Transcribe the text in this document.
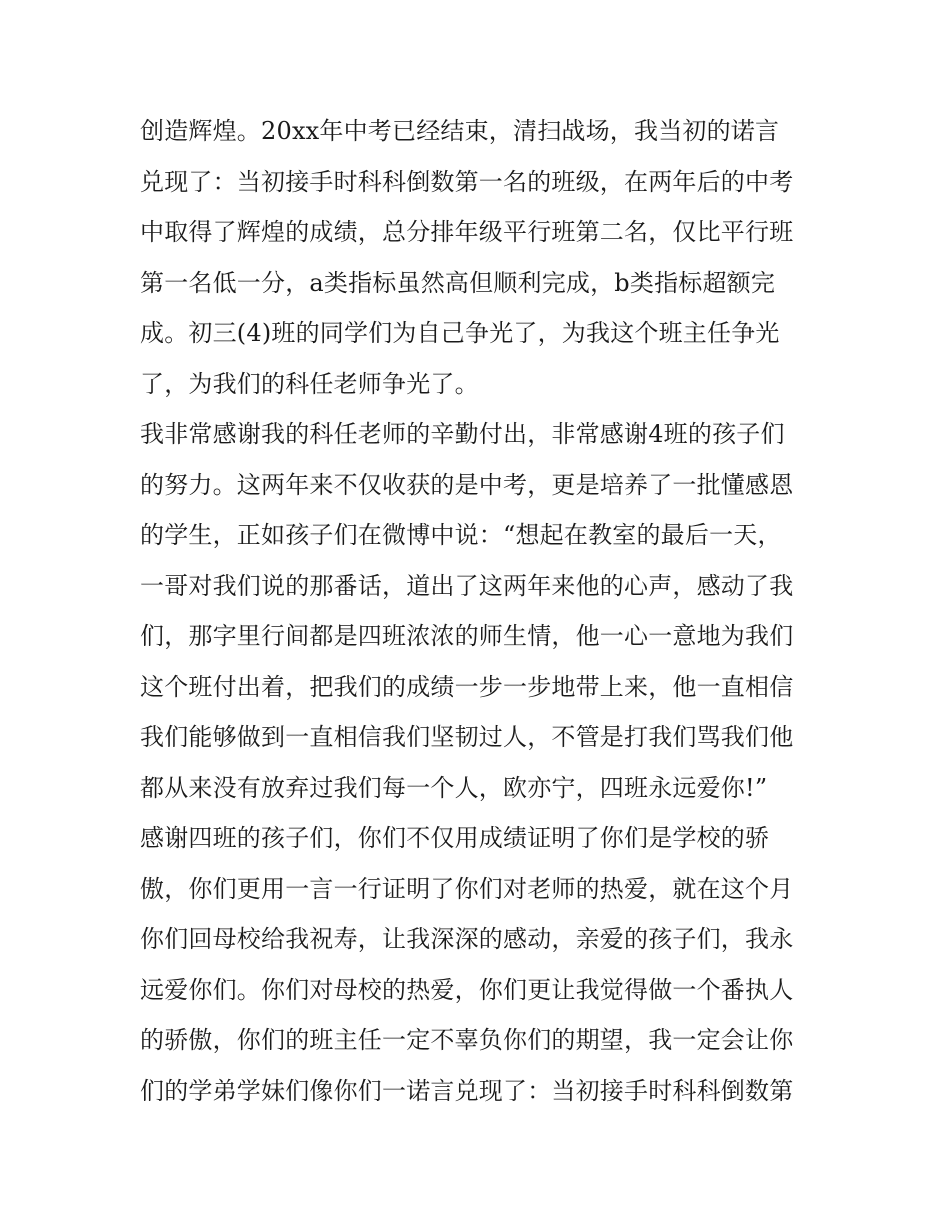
创造辉煌。20xx年中考已经结束，清扫战场，我当初的诺言
兑现了：当初接手时科科倒数第一名的班级，在两年后的中考
中取得了辉煌的成绩，总分排年级平行班第二名，仅比平行班
第一名低一分，a类指标虽然高但顺利完成，b类指标超额完
成。初三(4)班的同学们为自己争光了，为我这个班主任争光
了，为我们的科任老师争光了。
我非常感谢我的科任老师的辛勤付出，非常感谢4班的孩子们
的努力。这两年来不仅收获的是中考，更是培养了一批懂感恩
的学生，正如孩子们在微博中说：“想起在教室的最后一天，
一哥对我们说的那番话，道出了这两年来他的心声，感动了我
们，那字里行间都是四班浓浓的师生情，他一心一意地为我们
这个班付出着，把我们的成绩一步一步地带上来，他一直相信
我们能够做到一直相信我们坚韧过人，不管是打我们骂我们他
都从来没有放弃过我们每一个人，欧亦宁，四班永远爱你!”
感谢四班的孩子们，你们不仅用成绩证明了你们是学校的骄
傲，你们更用一言一行证明了你们对老师的热爱，就在这个月
你们回母校给我祝寿，让我深深的感动，亲爱的孩子们，我永
远爱你们。你们对母校的热爱，你们更让我觉得做一个番执人
的骄傲，你们的班主任一定不辜负你们的期望，我一定会让你
们的学弟学妹们像你们一诺言兑现了：当初接手时科科倒数第
